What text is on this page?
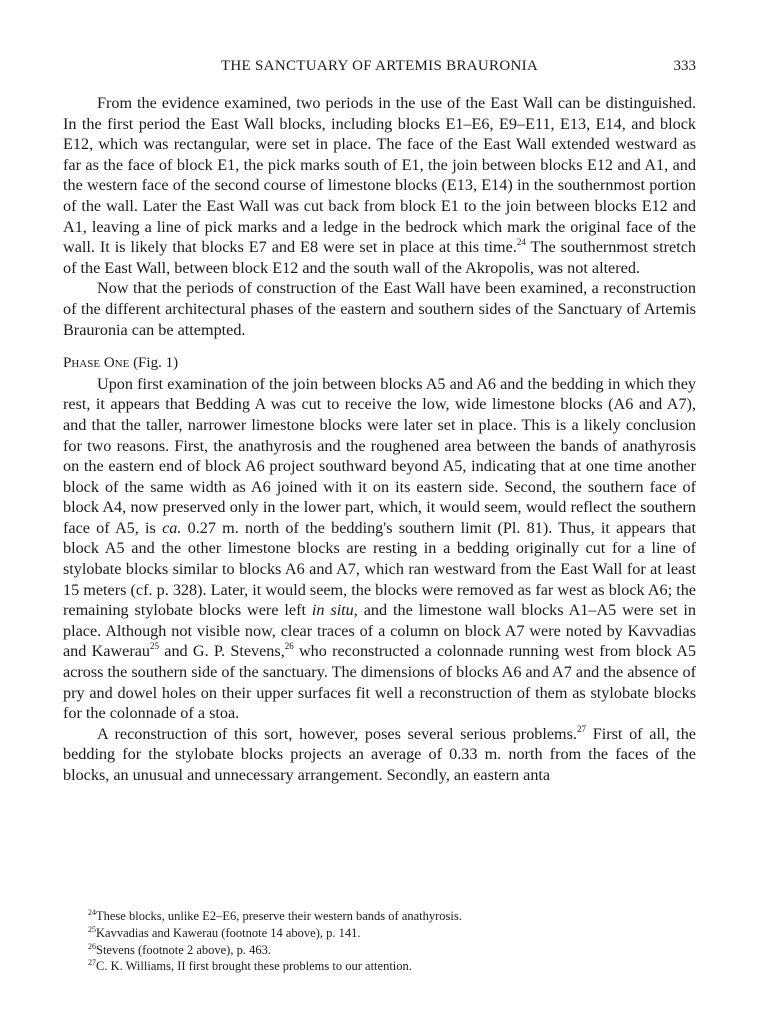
THE SANCTUARY OF ARTEMIS BRAURONIA	333

From the evidence examined, two periods in the use of the East Wall can be distinguished. In the first period the East Wall blocks, including blocks E1–E6, E9–E11, E13, E14, and block E12, which was rectangular, were set in place. The face of the East Wall extended westward as far as the face of block E1, the pick marks south of E1, the join between blocks E12 and A1, and the western face of the second course of limestone blocks (E13, E14) in the southernmost portion of the wall. Later the East Wall was cut back from block E1 to the join between blocks E12 and A1, leaving a line of pick marks and a ledge in the bedrock which mark the original face of the wall. It is likely that blocks E7 and E8 were set in place at this time.$^{24}$ The southernmost stretch of the East Wall, between block E12 and the south wall of the Akropolis, was not altered.

Now that the periods of construction of the East Wall have been examined, a reconstruction of the different architectural phases of the eastern and southern sides of the Sanctuary of Artemis Brauronia can be attempted.

Phase One (Fig. 1)

Upon first examination of the join between blocks A5 and A6 and the bedding in which they rest, it appears that Bedding A was cut to receive the low, wide limestone blocks (A6 and A7), and that the taller, narrower limestone blocks were later set in place. This is a likely conclusion for two reasons. First, the anathyrosis and the roughened area between the bands of anathyrosis on the eastern end of block A6 project southward beyond A5, indicating that at one time another block of the same width as A6 joined with it on its eastern side. Second, the southern face of block A4, now preserved only in the lower part, which, it would seem, would reflect the southern face of A5, is ca. 0.27 m. north of the bedding's southern limit (Pl. 81). Thus, it appears that block A5 and the other limestone blocks are resting in a bedding originally cut for a line of stylobate blocks similar to blocks A6 and A7, which ran westward from the East Wall for at least 15 meters (cf. p. 328). Later, it would seem, the blocks were removed as far west as block A6; the remaining stylobate blocks were left in situ, and the limestone wall blocks A1–A5 were set in place. Although not visible now, clear traces of a column on block A7 were noted by Kavvadias and Kawerau$^{25}$ and G. P. Stevens,$^{26}$ who reconstructed a colonnade running west from block A5 across the southern side of the sanctuary. The dimensions of blocks A6 and A7 and the absence of pry and dowel holes on their upper surfaces fit well a reconstruction of them as stylobate blocks for the colonnade of a stoa.

A reconstruction of this sort, however, poses several serious problems.$^{27}$ First of all, the bedding for the stylobate blocks projects an average of 0.33 m. north from the faces of the blocks, an unusual and unnecessary arrangement. Secondly, an eastern anta

$^{24}$These blocks, unlike E2–E6, preserve their western bands of anathyrosis.

$^{25}$Kavvadias and Kawerau (footnote 14 above), p. 141.

$^{26}$Stevens (footnote 2 above), p. 463.

$^{27}$C. K. Williams, II first brought these problems to our attention.
